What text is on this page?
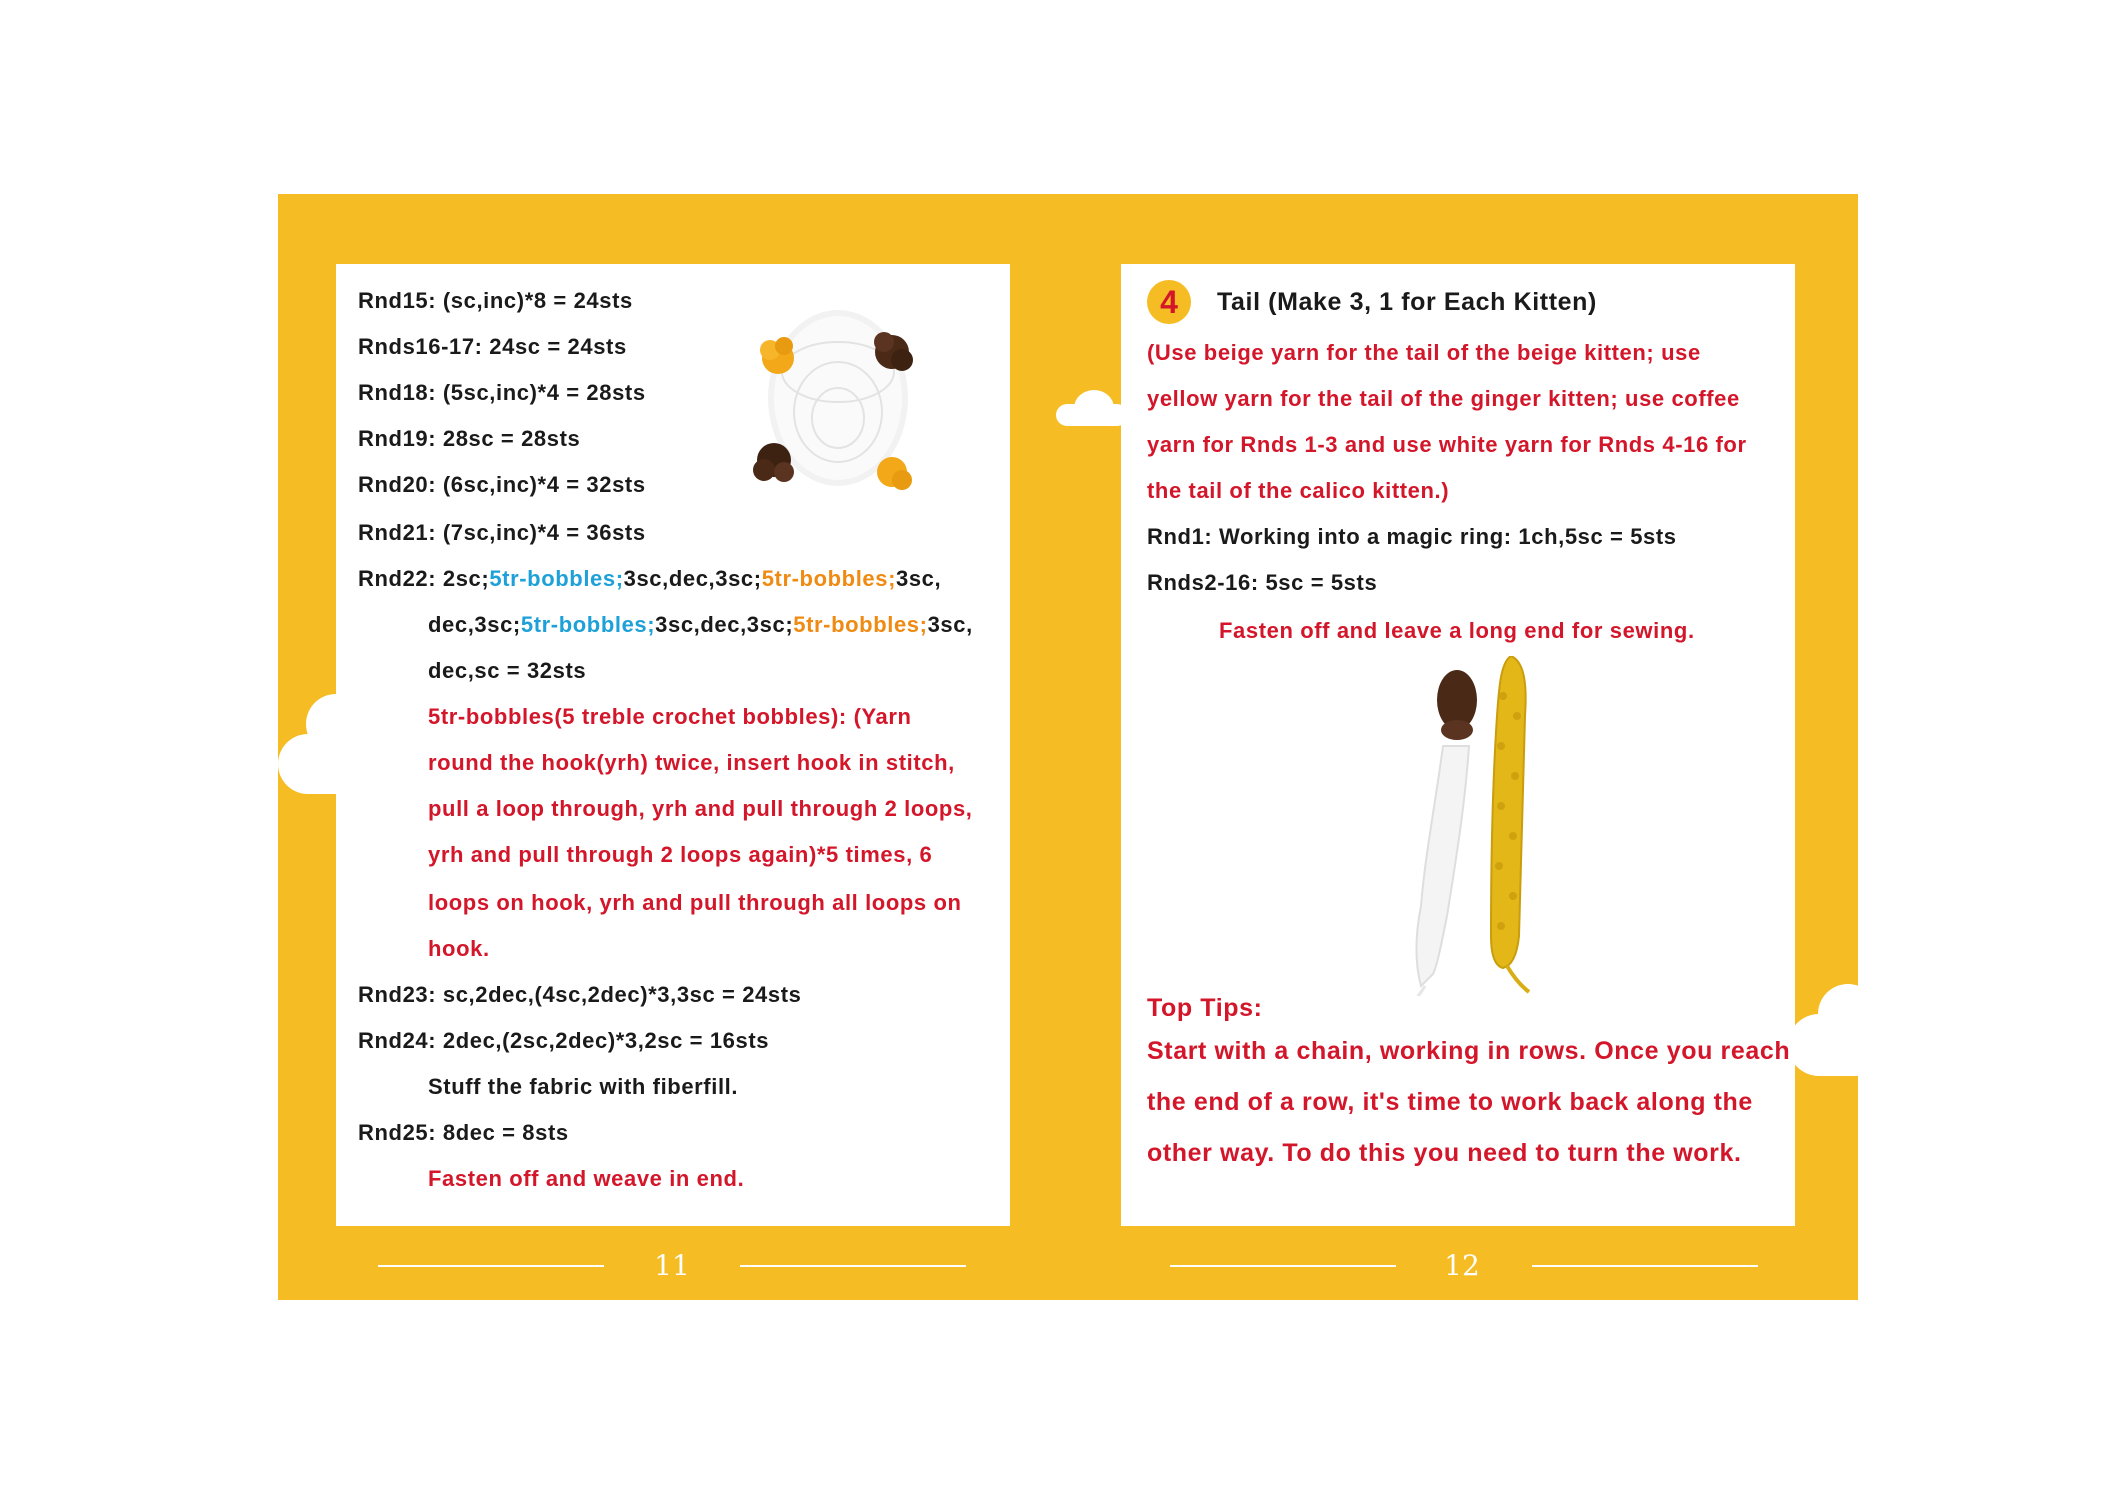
Rnd15: (sc,inc)*8 = 24sts
Rnds16-17: 24sc = 24sts
Rnd18: (5sc,inc)*4 = 28sts
Rnd19: 28sc = 28sts
Rnd20: (6sc,inc)*4 = 32sts
Rnd21: (7sc,inc)*4 = 36sts
Rnd22: 2sc;5tr-bobbles;3sc,dec,3sc;5tr-bobbles;3sc,
dec,3sc;5tr-bobbles;3sc,dec,3sc;5tr-bobbles;3sc,
dec,sc = 32sts
5tr-bobbles(5 treble crochet bobbles): (Yarn
round the hook(yrh) twice, insert hook in stitch,
pull a loop through, yrh and pull through 2 loops,
yrh and pull through 2 loops again)*5 times, 6
loops on hook, yrh and pull through all loops on
hook.
Rnd23: sc,2dec,(4sc,2dec)*3,3sc = 24sts
Rnd24: 2dec,(2sc,2dec)*3,2sc = 16sts
Stuff the fabric with fiberfill.
Rnd25: 8dec = 8sts
Fasten off and weave in end.
4	Tail (Make 3, 1 for Each Kitten)
(Use beige yarn for the tail of the beige kitten; use
yellow yarn for the tail of the ginger kitten; use coffee
yarn for Rnds 1-3 and use white yarn for Rnds 4-16 for
the tail of the calico kitten.)
Rnd1: Working into a magic ring: 1ch,5sc = 5sts
Rnds2-16: 5sc = 5sts
Fasten off and leave a long end for sewing.
Top Tips:
Start with a chain, working in rows. Once you reach
the end of a row, it's time to work back along the
other way. To do this you need to turn the work.
11	12
